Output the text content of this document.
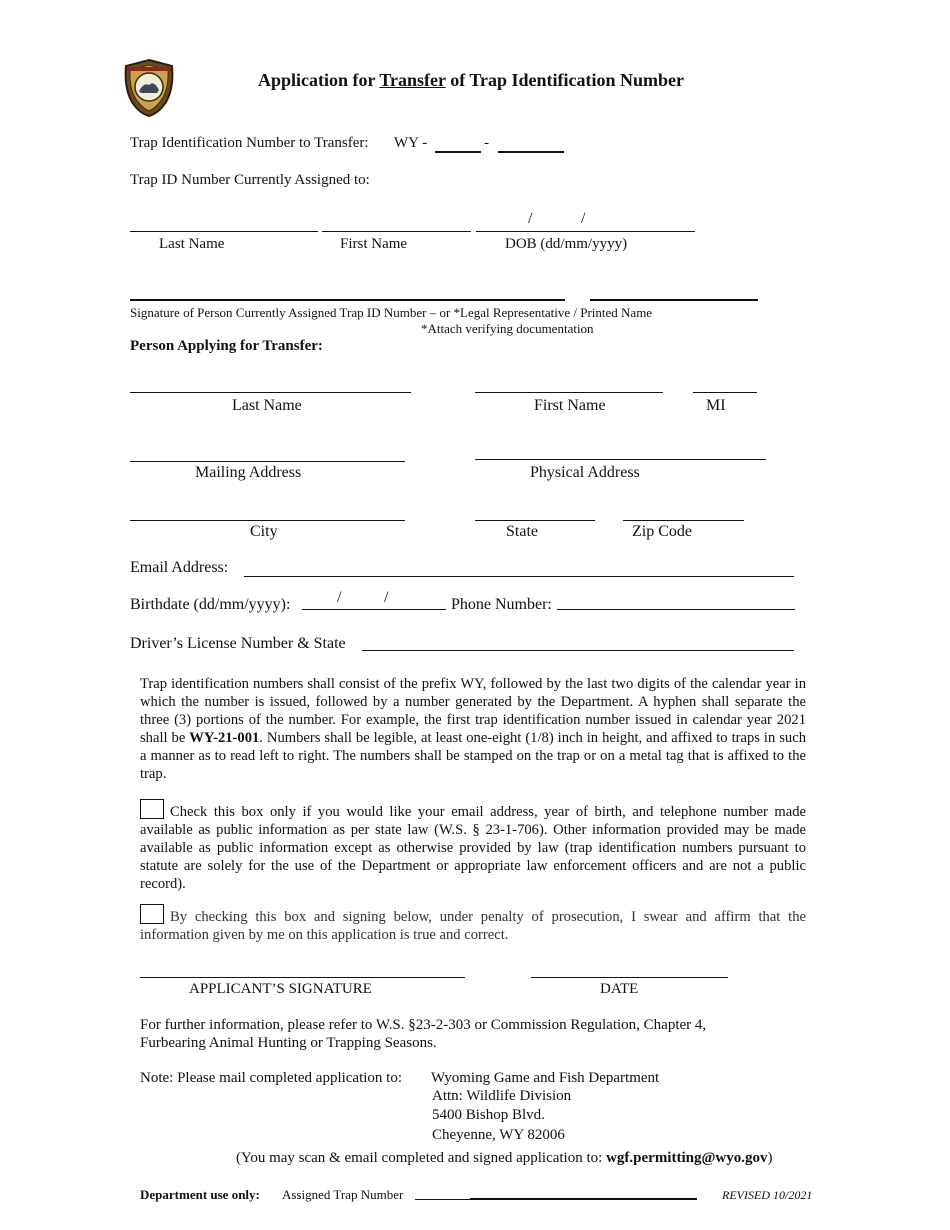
Application for Transfer of Trap Identification Number
Trap Identification Number to Transfer: WY -	-
Trap ID Number Currently Assigned to:
/	/
Last Name	First Name	DOB (dd/mm/yyyy)
Signature of Person Currently Assigned Trap ID Number – or *Legal Representative / Printed Name
*Attach verifying documentation
Person Applying for Transfer:
Last Name	First Name	MI
Mailing Address	Physical Address
City	State	Zip Code
Email Address:
Birthdate (dd/mm/yyyy):	/	/	Phone Number:
Driver’s License Number & State
Trap identification numbers shall consist of the prefix WY, followed by the last two digits of the calendar year in which the number is issued, followed by a number generated by the Department. A hyphen shall separate the three (3) portions of the number. For example, the first trap identification number issued in calendar year 2021 shall be WY-21-001. Numbers shall be legible, at least one-eight (1/8) inch in height, and affixed to traps in such a manner as to read left to right. The numbers shall be stamped on the trap or on a metal tag that is affixed to the trap.
Check this box only if you would like your email address, year of birth, and telephone number made available as public information as per state law (W.S. § 23-1-706). Other information provided may be made available as public information except as otherwise provided by law (trap identification numbers pursuant to statute are solely for the use of the Department or appropriate law enforcement officers and are not a public record).
By checking this box and signing below, under penalty of prosecution, I swear and affirm that the information given by me on this application is true and correct.
APPLICANT’S SIGNATURE	DATE
For further information, please refer to W.S. §23-2-303 or Commission Regulation, Chapter 4, Furbearing Animal Hunting or Trapping Seasons.
Note: Please mail completed application to: Wyoming Game and Fish Department
Attn: Wildlife Division
5400 Bishop Blvd.
Cheyenne, WY 82006
(You may scan & email completed and signed application to: wgf.permitting@wyo.gov)
Department use only: Assigned Trap Number	REVISED 10/2021
